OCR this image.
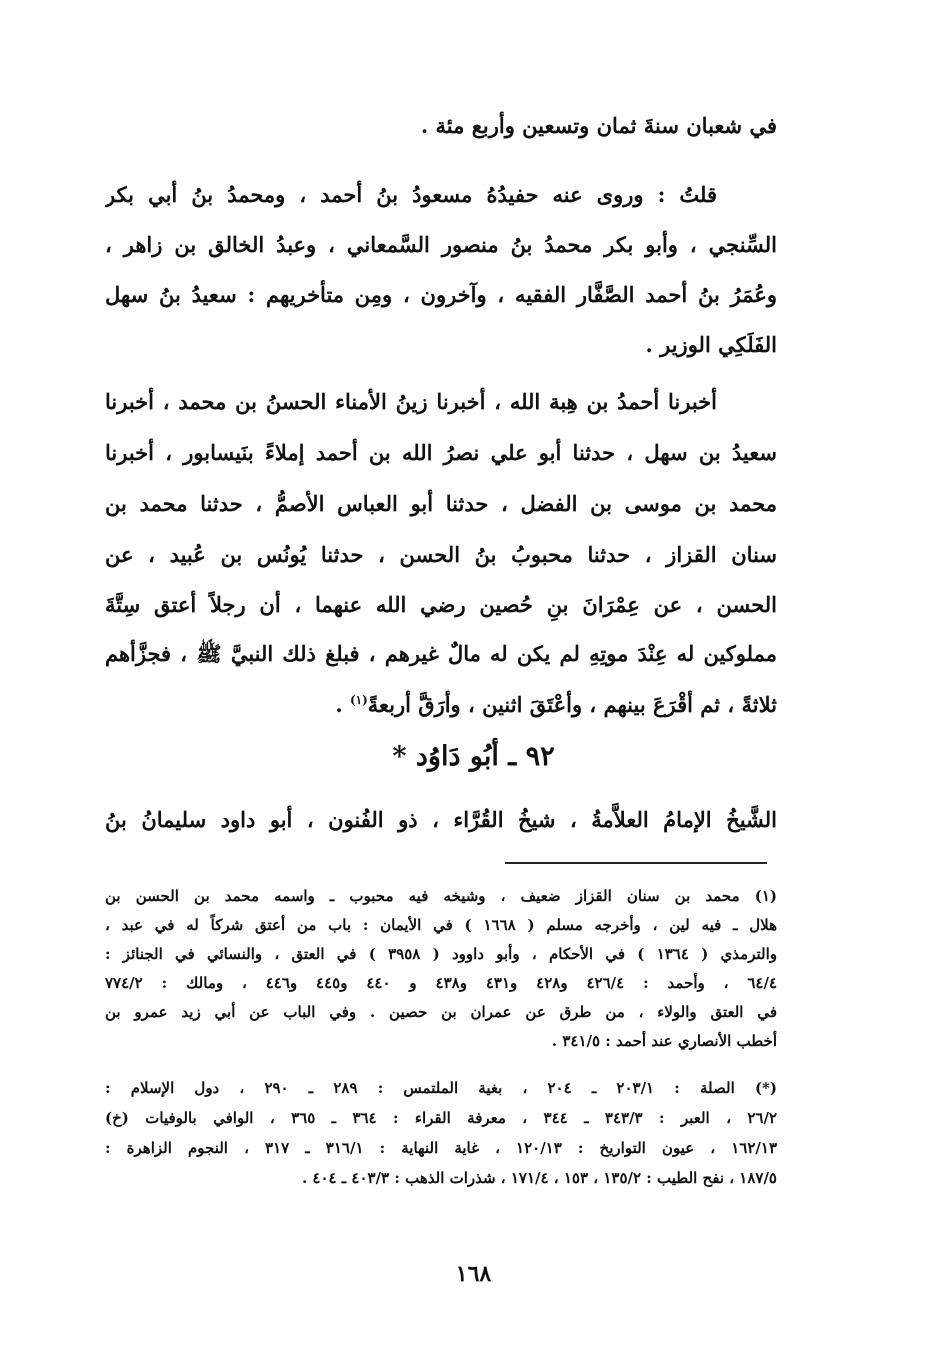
في شعبان سنةَ ثمان وتسعين وأربع مئة .
قلتُ : وروى عنه حفيدُهُ مسعودُ بنُ أحمد ، ومحمدُ بنُ أبي بكر
السِّنجي ، وأبو بكر محمدُ بنُ منصور السَّمعاني ، وعبدُ الخالق بن زاهر ،
وعُمَرُ بنُ أحمد الصَّفَّار الفقيه ، وآخرون ، ومِن متأخريهم : سعيدُ بنُ سهل
الفَلَكِي الوزير .
أخبرنا أحمدُ بن هِبة الله ، أخبرنا زينُ الأمناء الحسنُ بن محمد ، أخبرنا
سعيدُ بن سهل ، حدثنا أبو علي نصرُ الله بن أحمد إملاءً بنَيسابور ، أخبرنا
محمد بن موسى بن الفضل ، حدثنا أبو العباس الأصمُّ ، حدثنا محمد بن
سنان القزاز ، حدثنا محبوبُ بنُ الحسن ، حدثنا يُونُس بن عُبيد ، عن
الحسن ، عن عِمْرَانَ بنِ حُصين رضي الله عنهما ، أن رجلاً أعتق سِتَّةَ
مملوكين له عِنْدَ موتِهِ لم يكن له مالٌ غيرهم ، فبلغ ذلك النبيَّ ﷺ ، فجزَّأهم
ثلاثةً ، ثم أقْرَعَ بينهم ، وأعْتَقَ اثنين ، وأرَقَّ أربعةً$^{(١)}$ .
٩٢ ـ أبُو دَاوُد *
الشَّيخُ الإمامُ العلاَّمةُ ، شيخُ القُرَّاء ، ذو الفُنون ، أبو داود سليمانُ بنُ
(١) محمد بن سنان القزاز ضعيف ، وشيخه فيه محبوب ـ واسمه محمد بن الحسن بن
هلال ـ فيه لين ، وأخرجه مسلم ( ١٦٦٨ ) في الأيمان : باب من أعتق شركاً له في عبد ،
والترمذي ( ١٣٦٤ ) في الأحكام ، وأبو داوود ( ٣٩٥٨ ) في العتق ، والنسائي في الجنائز :
٦٤/٤ ، وأحمد : ٤٢٦/٤ و٤٢٨ و٤٣١ و٤٣٨ و ٤٤٠ و٤٤٥ و٤٤٦ ، ومالك : ٧٧٤/٢
في العتق والولاء ، من طرق عن عمران بن حصين . وفي الباب عن أبي زيد عمرو بن
أخطب الأنصاري عند أحمد : ٣٤١/٥ .
(*) الصلة : ٢٠٣/١ ـ ٢٠٤ ، بغية الملتمس : ٢٨٩ ـ ٢٩٠ ، دول الإسلام :
٢٦/٢ ، العبر : ٣٤٣/٣ ـ ٣٤٤ ، معرفة القراء : ٣٦٤ ـ ٣٦٥ ، الوافي بالوفيات (خ)
١٦٢/١٣ ، عيون التواريخ : ١٢٠/١٣ ، غاية النهاية : ٣١٦/١ ـ ٣١٧ ، النجوم الزاهرة :
١٨٧/٥ ، نفح الطيب : ١٣٥/٢ ، ١٥٣ ، ١٧١/٤ ، شذرات الذهب : ٤٠٣/٣ ـ ٤٠٤ .
١٦٨
